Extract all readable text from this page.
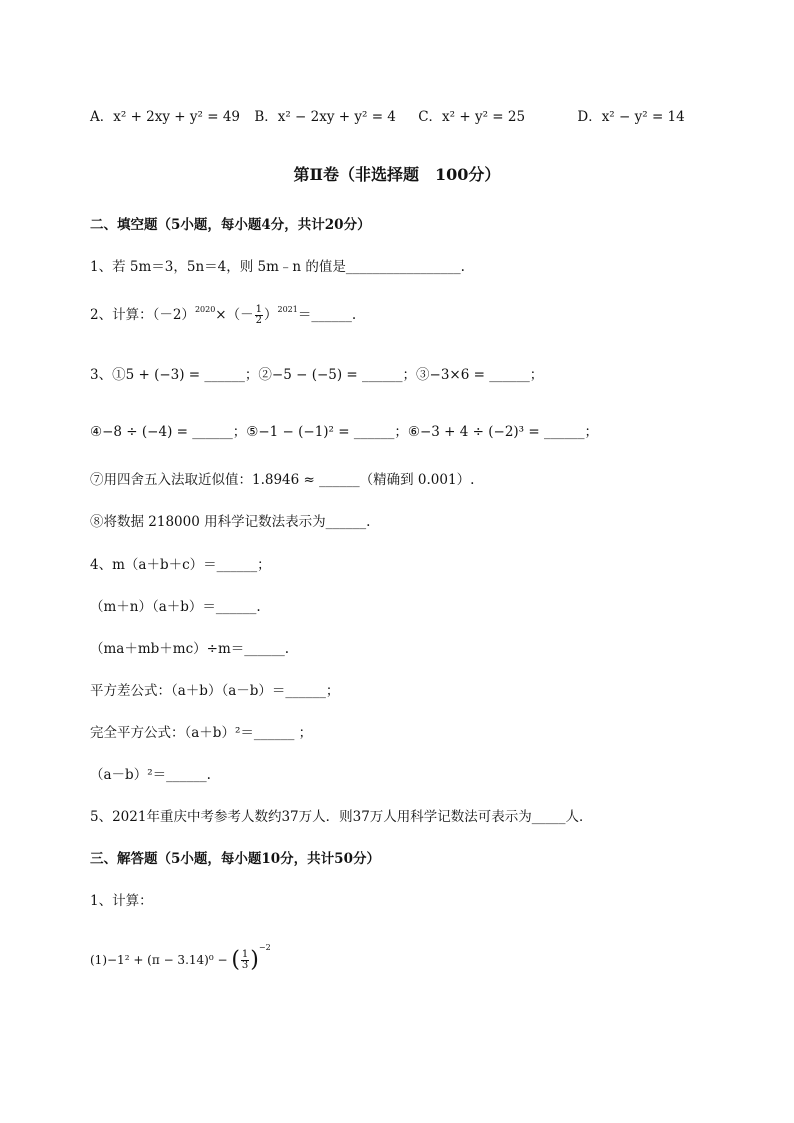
A．x² + 2xy + y² = 49 B．x² − 2xy + y² = 4 C．x² + y² = 25	D．x² − y² = 14
第Ⅱ卷（非选择题　100分）
二、填空题（5小题，每小题4分，共计20分）
1、若 5m＝3，5n＝4，则 5m﹣n 的值是_________________.
2、计算：$(-2)^{2020}\times(- \frac{1}{2}$ ）$^{2021}=\_\_\_\_\_\_$.
3、①5 + (−3) = ______；②−5 − (−5) = ______；③−3×6 = ______；
④−8 ÷ (−4) = ______；⑤−1 − (−1)² = ______；⑥−3 + 4 ÷ (−2)³ = ______；
⑦用四舍五入法取近似值：1.8946 ≈ ______（精确到 0.001）.
⑧将数据 218000 用科学记数法表示为______.
4、m（a＋b＋c）＝______；
（m＋n）（a＋b）＝______.
（ma＋mb＋mc）÷m＝______.
平方差公式：（a＋b）（a－b）＝______；
完全平方公式：（a＋b）²＝______ ；
（a－b）²＝______.
5、2021年重庆中考参考人数约37万人．则37万人用科学记数法可表示为_____人．
三、解答题（5小题，每小题10分，共计50分）
1、计算：
(1)−1² + (π − 3.14)⁰ − ( $\frac{1}{3} )^{-2}$
